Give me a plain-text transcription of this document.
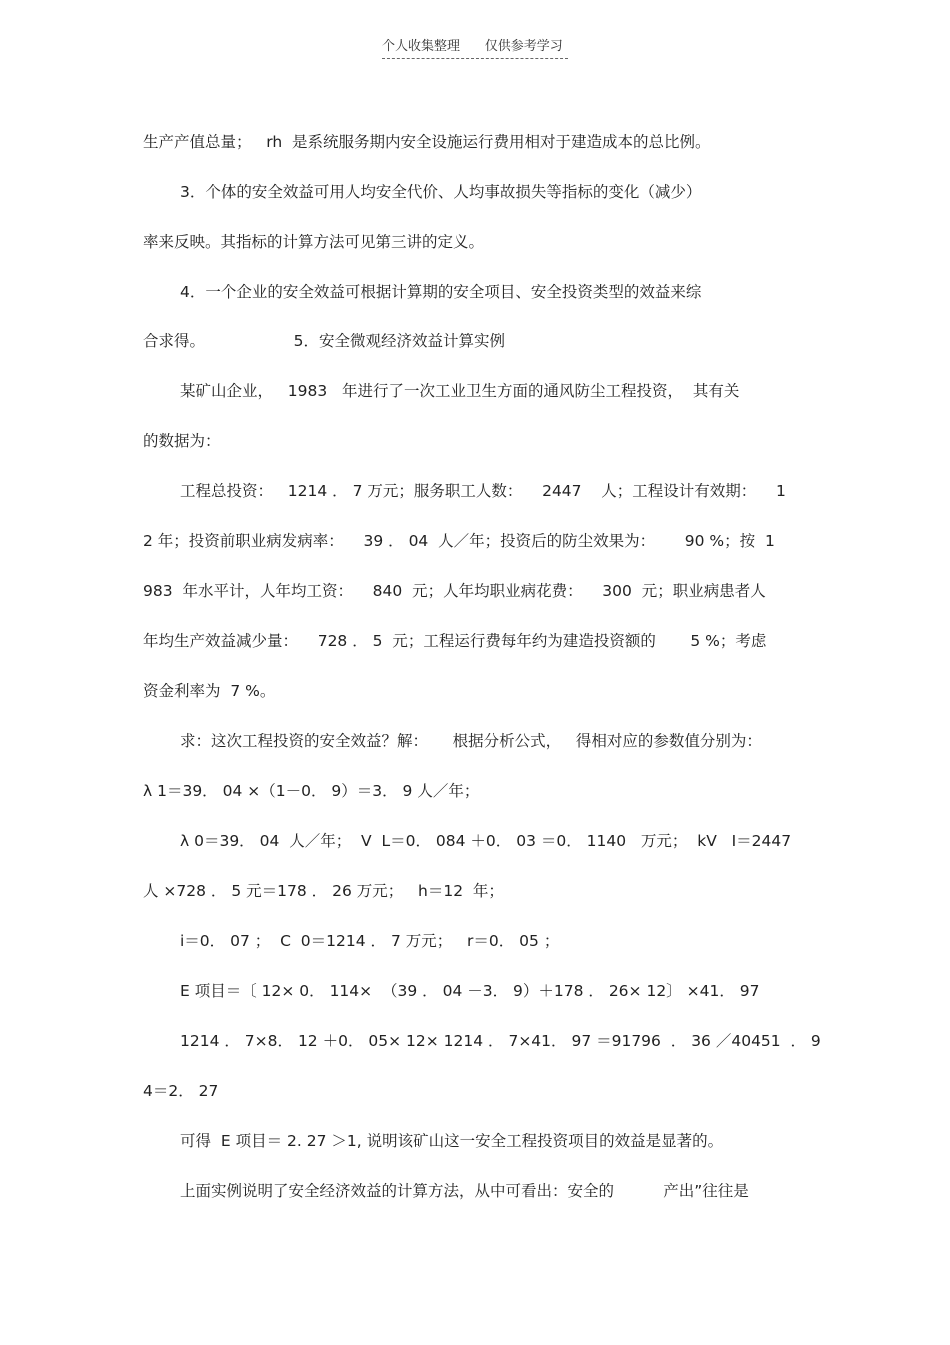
个人收集整理      仅供参考学习
生产产值总量；   rh  是系统服务期内安全设施运行费用相对于建造成本的总比例。
3．个体的安全效益可用人均安全代价、人均事故损失等指标的变化（减少）
率来反映。其指标的计算方法可见第三讲的定义。
4．一个企业的安全效益可根据计算期的安全项目、安全投资类型的效益来综
合求得。                  5．安全微观经济效益计算实例
某矿山企业，   1983   年进行了一次工业卫生方面的通风防尘工程投资，  其有关
的数据为：
工程总投资：   1214 ． 7 万元；服务职工人数：    2447    人；工程设计有效期：    1
2 年；投资前职业病发病率：    39 ． 04  人／年；投资后的防尘效果为：      90 %；按  1
983  年水平计，人年均工资：    840  元；人年均职业病花费：    300  元；职业病患者人
年均生产效益减少量：    728 ． 5  元；工程运行费每年约为建造投资额的       5 %；考虑
资金利率为  7 %。
求：这次工程投资的安全效益？解：     根据分析公式，   得相对应的参数值分别为：
λ 1＝39． 04 ×（1－0． 9）＝3． 9 人／年；
λ 0＝39． 04  人／年；  V  L＝0． 084 ＋0． 03 ＝0． 1140   万元；  kV   I＝2447
人 ×728 ． 5 元＝178 ． 26 万元；   h＝12  年；
i＝0． 07 ；  C  0＝1214 ． 7 万元；   r＝0． 05 ；
E 项目＝〔 12× 0． 114×  （39 ． 04 －3． 9）＋178 ． 26× 12〕 ×41． 97
1214 ． 7×8． 12 ＋0． 05× 12× 1214 ． 7×41． 97 ＝91796  ． 36 ／40451  ． 9
4＝2． 27
可得  E 项目＝ 2. 27 ＞1, 说明该矿山这一安全工程投资项目的效益是显著的。
上面实例说明了安全经济效益的计算方法，从中可看出：安全的          产出”往往是
